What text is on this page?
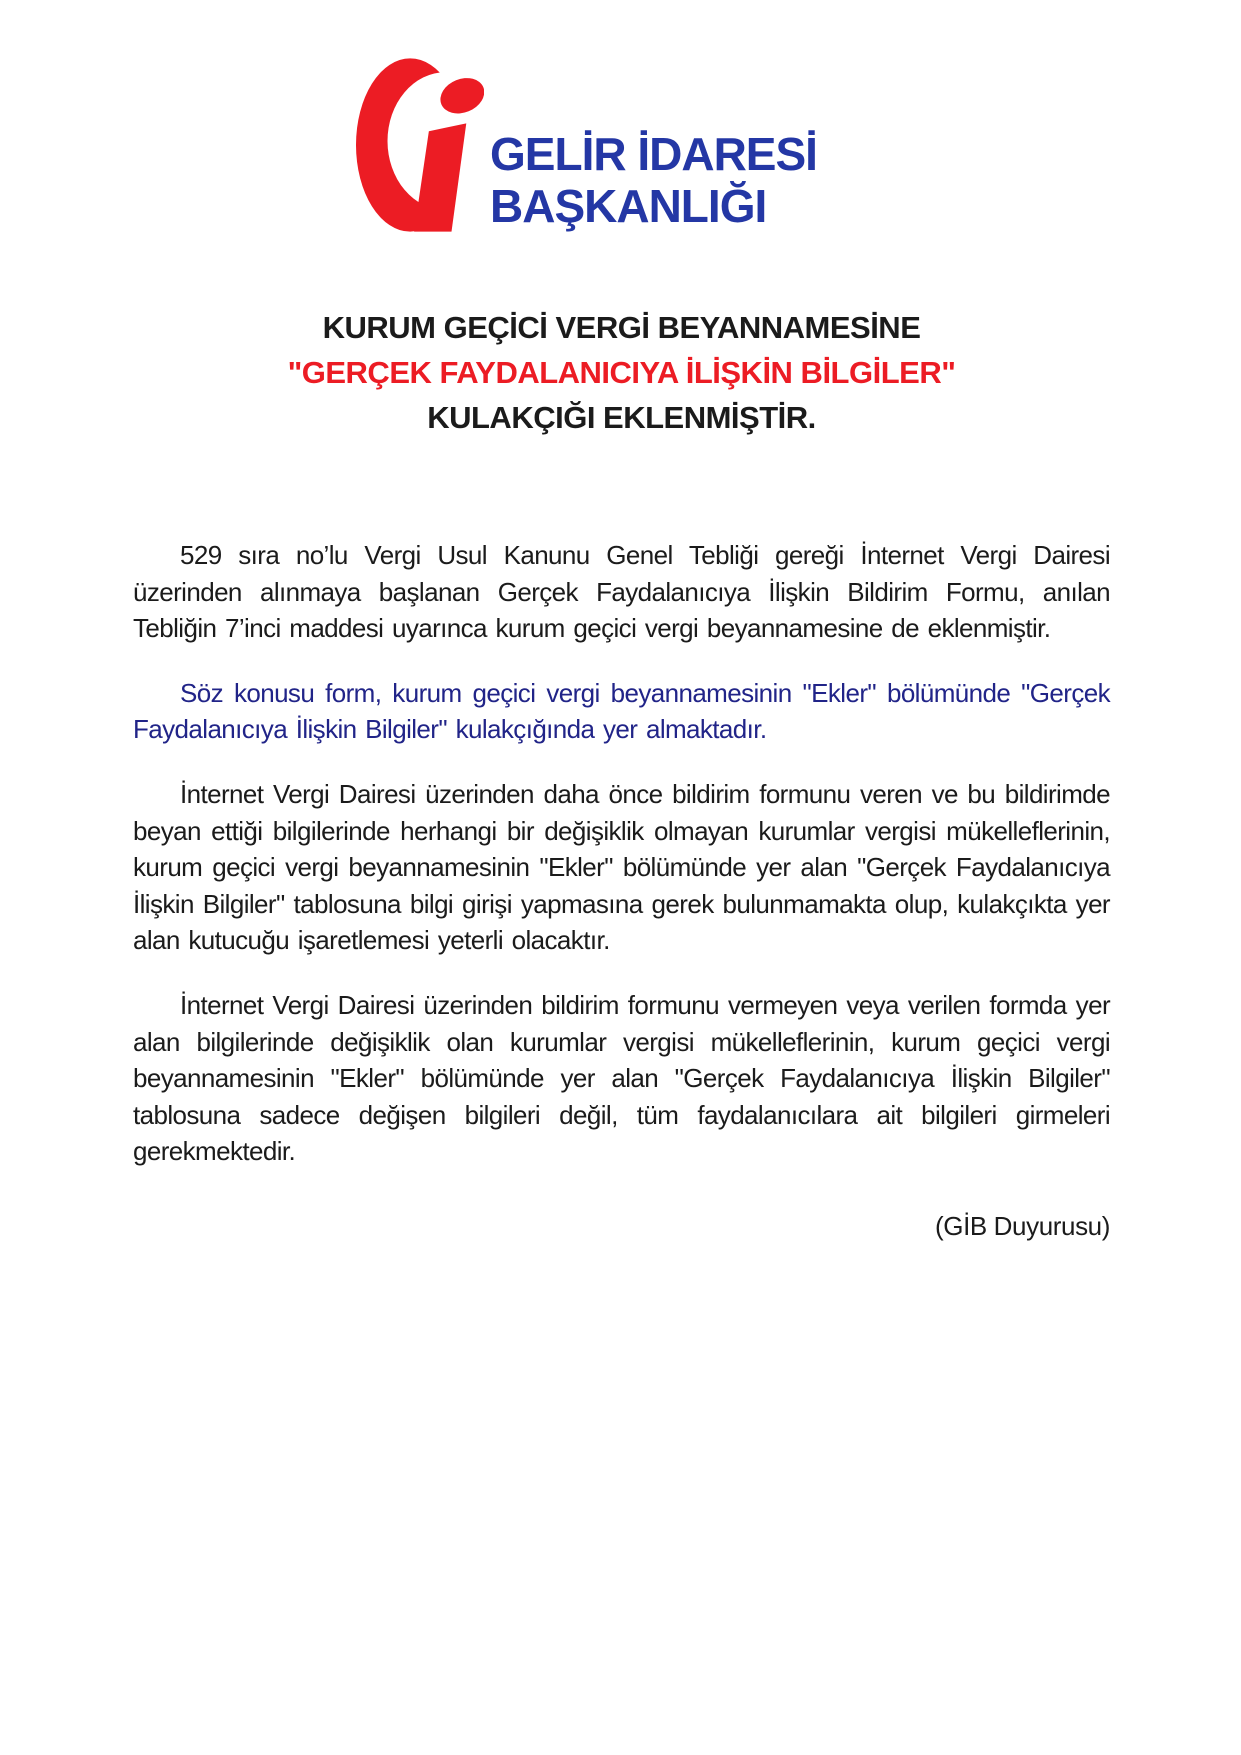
GELİR İDARESİ
BAŞKANLIĞI
KURUM GEÇİCİ VERGİ BEYANNAMESİNE
"GERÇEK FAYDALANICIYA İLİŞKİN BİLGİLER"
KULAKÇIĞI EKLENMİŞTİR.

529 sıra no’lu Vergi Usul Kanunu Genel Tebliği gereği İnternet Vergi Dairesi üzerinden alınmaya başlanan Gerçek Faydalanıcıya İlişkin Bildirim Formu, anılan Tebliğin 7’inci maddesi uyarınca kurum geçici vergi beyannamesine de eklenmiştir.

Söz konusu form, kurum geçici vergi beyannamesinin "Ekler" bölümünde "Gerçek Faydalanıcıya İlişkin Bilgiler" kulakçığında yer almaktadır.

İnternet Vergi Dairesi üzerinden daha önce bildirim formunu veren ve bu bildirimde beyan ettiği bilgilerinde herhangi bir değişiklik olmayan kurumlar vergisi mükelleflerinin, kurum geçici vergi beyannamesinin "Ekler" bölümünde yer alan "Gerçek Faydalanıcıya İlişkin Bilgiler" tablosuna bilgi girişi yapmasına gerek bulunmamakta olup, kulakçıkta yer alan kutucuğu işaretlemesi yeterli olacaktır.

İnternet Vergi Dairesi üzerinden bildirim formunu vermeyen veya verilen formda yer alan bilgilerinde değişiklik olan kurumlar vergisi mükelleflerinin, kurum geçici vergi beyannamesinin "Ekler" bölümünde yer alan "Gerçek Faydalanıcıya İlişkin Bilgiler" tablosuna sadece değişen bilgileri değil, tüm faydalanıcılara ait bilgileri girmeleri gerekmektedir.

(GİB Duyurusu)
